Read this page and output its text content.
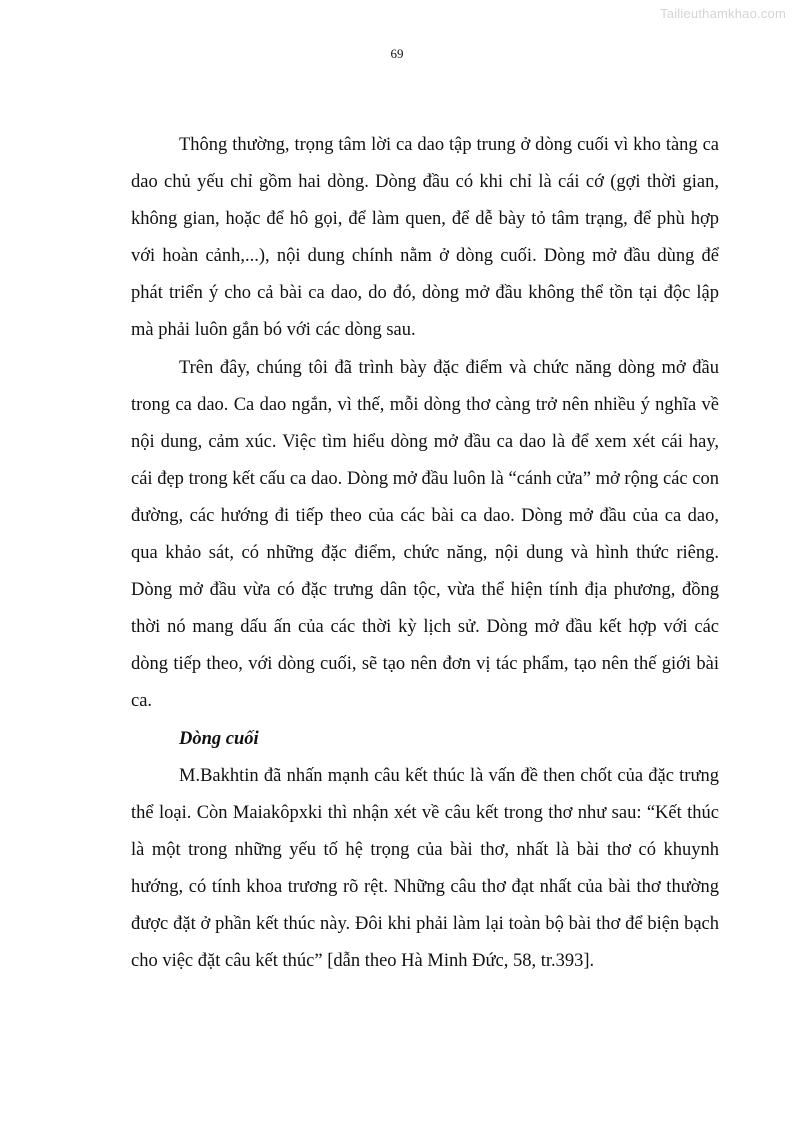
Tailieuthamkhao.com
69

Thông thường, trọng tâm lời ca dao tập trung ở dòng cuối vì kho tàng ca dao chủ yếu chỉ gồm hai dòng. Dòng đầu có khi chỉ là cái cớ (gợi thời gian, không gian, hoặc để hô gọi, để làm quen, để dễ bày tỏ tâm trạng, để phù hợp với hoàn cảnh,...), nội dung chính nằm ở dòng cuối. Dòng mở đầu dùng để phát triển ý cho cả bài ca dao, do đó, dòng mở đầu không thể tồn tại độc lập mà phải luôn gắn bó với các dòng sau.

Trên đây, chúng tôi đã trình bày đặc điểm và chức năng dòng mở đầu trong ca dao. Ca dao ngắn, vì thế, mỗi dòng thơ càng trở nên nhiều ý nghĩa về nội dung, cảm xúc. Việc tìm hiểu dòng mở đầu ca dao là để xem xét cái hay, cái đẹp trong kết cấu ca dao. Dòng mở đầu luôn là “cánh cửa” mở rộng các con đường, các hướng đi tiếp theo của các bài ca dao. Dòng mở đầu của ca dao, qua khảo sát, có những đặc điểm, chức năng, nội dung và hình thức riêng. Dòng mở đầu vừa có đặc trưng dân tộc, vừa thể hiện tính địa phương, đồng thời nó mang dấu ấn của các thời kỳ lịch sử. Dòng mở đầu kết hợp với các dòng tiếp theo, với dòng cuối, sẽ tạo nên đơn vị tác phẩm, tạo nên thế giới bài ca.

Dòng cuối

M.Bakhtin đã nhấn mạnh câu kết thúc là vấn đề then chốt của đặc trưng thể loại. Còn Maiakôpxki thì nhận xét về câu kết trong thơ như sau: “Kết thúc là một trong những yếu tố hệ trọng của bài thơ, nhất là bài thơ có khuynh hướng, có tính khoa trương rõ rệt. Những câu thơ đạt nhất của bài thơ thường được đặt ở phần kết thúc này. Đôi khi phải làm lại toàn bộ bài thơ để biện bạch cho việc đặt câu kết thúc” [dẫn theo Hà Minh Đức, 58, tr.393].
